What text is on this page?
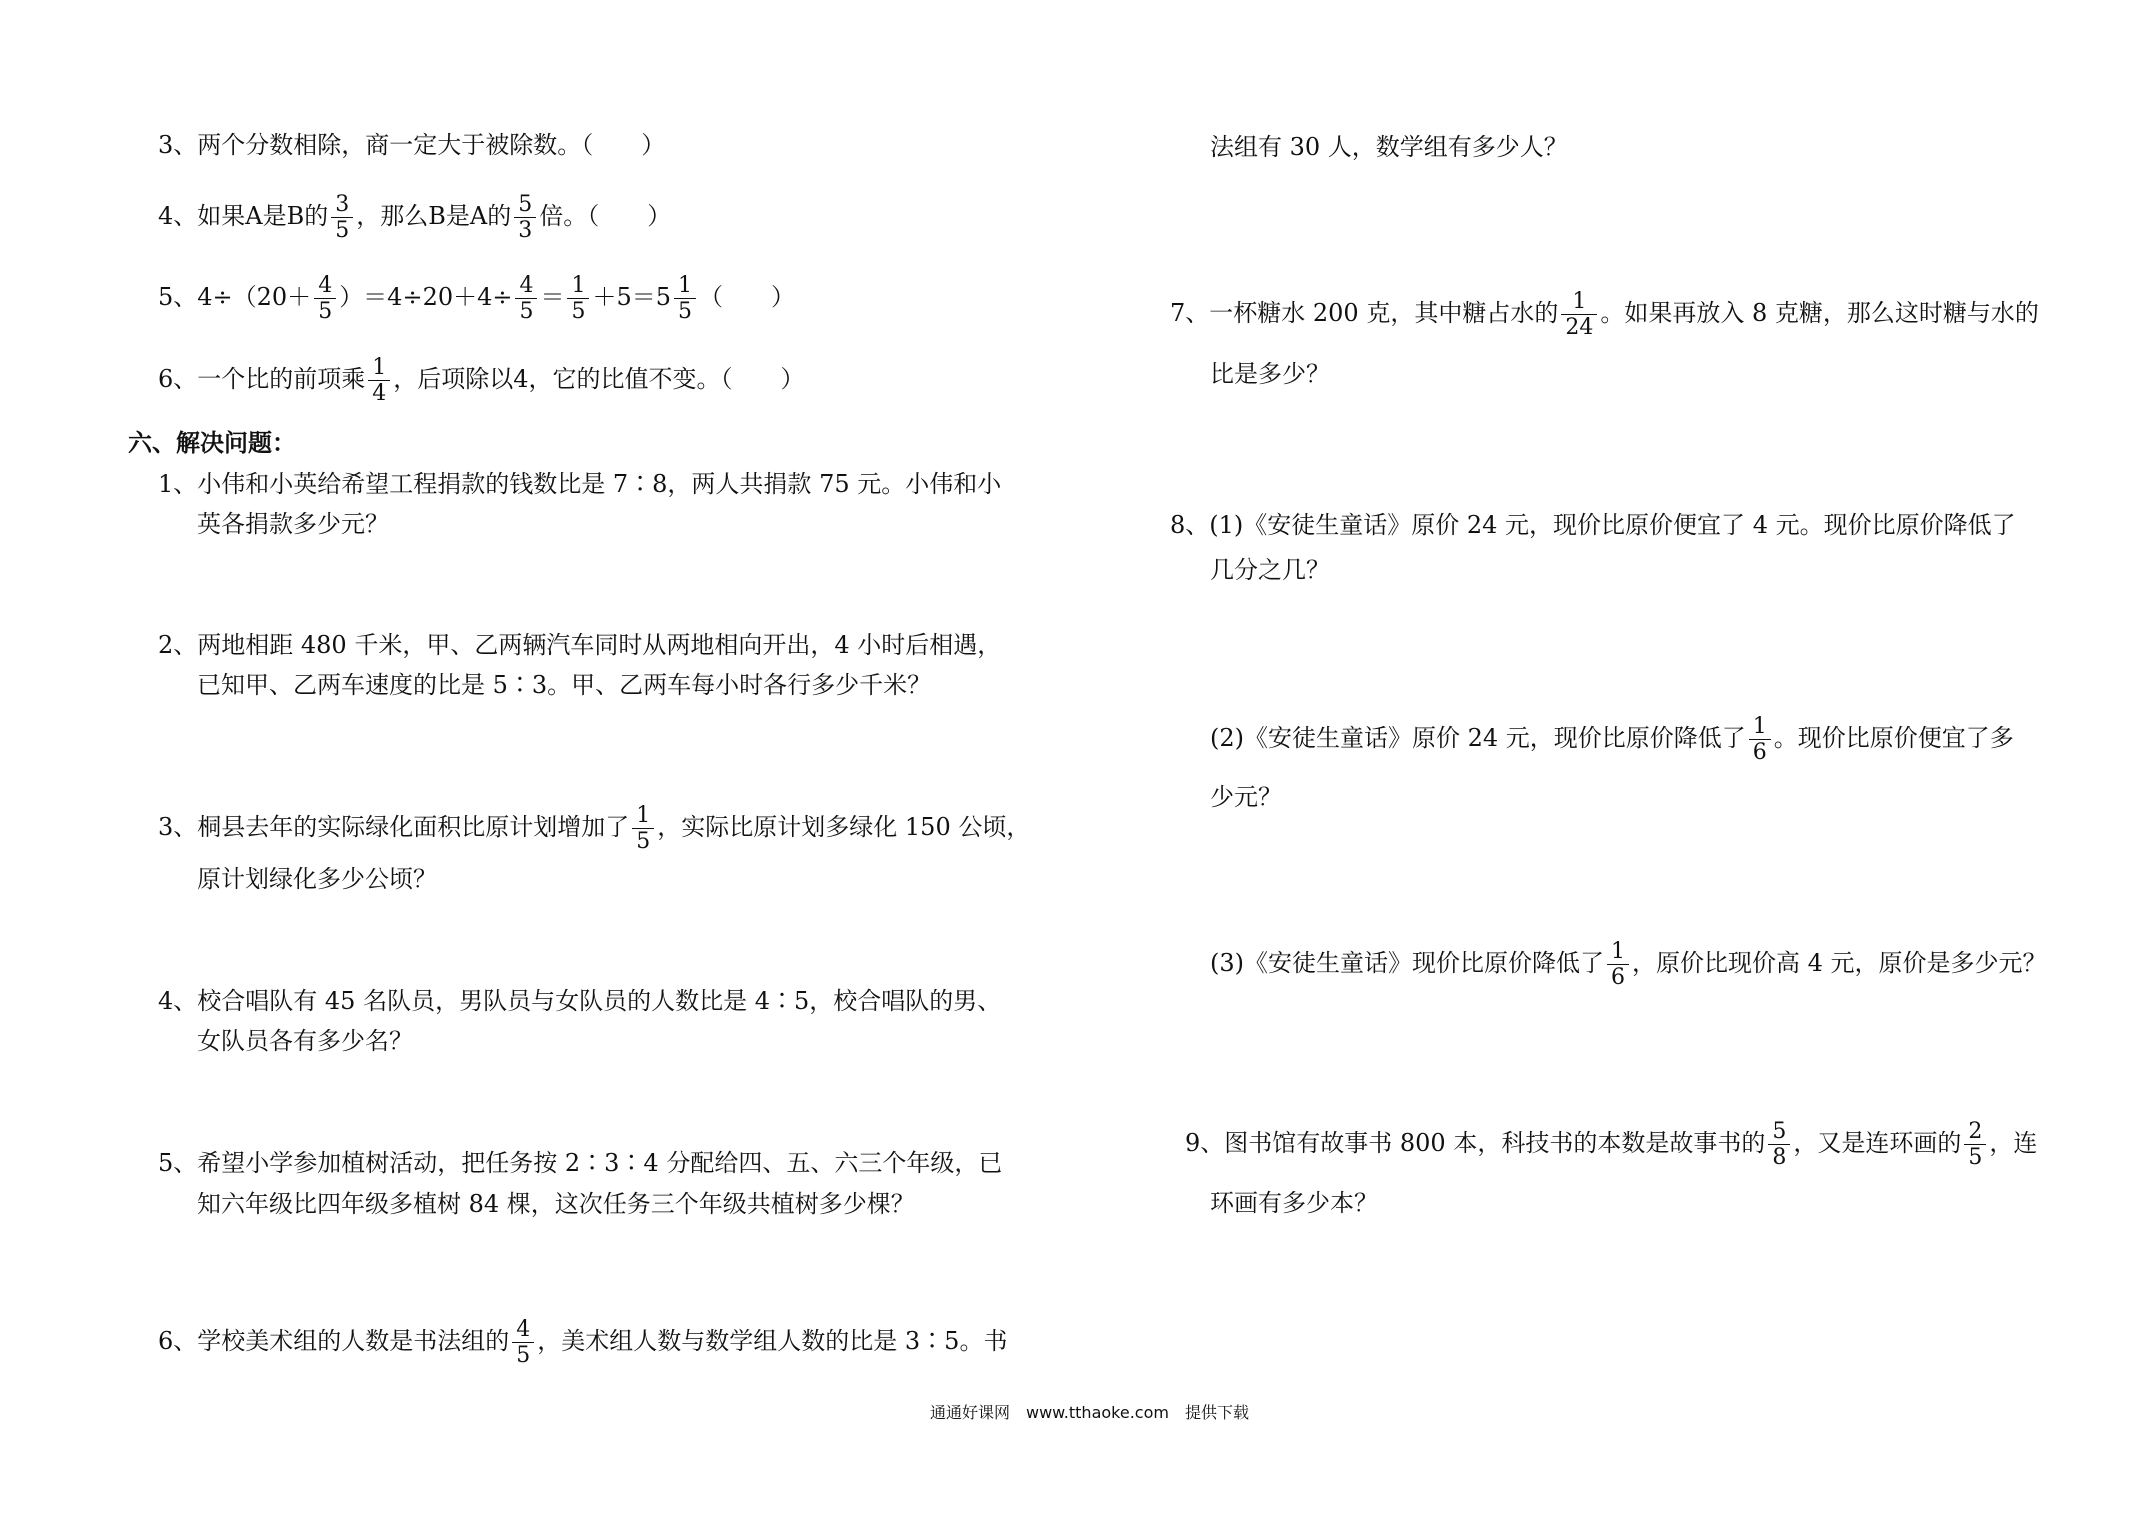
3、两个分数相除，商一定大于被除数。（　　）
4、如果A是B的 $\frac{3}{5}$ ，那么B是A的 $\frac{5}{3}$ 倍。（　　）
5、$4\div(20+ \frac{4}{5} )=4\div 20+4\div \frac{4}{5} = \frac{1}{5} +5=5 \frac{1}{5}$ （　　）
6、一个比的前项乘 $\frac{1}{4}$ ，后项除以4，它的比值不变。（　　）
六、解决问题：
1、小伟和小英给希望工程捐款的钱数比是 7∶8，两人共捐款 75 元。小伟和小
英各捐款多少元？
2、两地相距 480 千米，甲、乙两辆汽车同时从两地相向开出，4 小时后相遇，
已知甲、乙两车速度的比是 5∶3。甲、乙两车每小时各行多少千米？
3、桐县去年的实际绿化面积比原计划增加了 $\frac{1}{5}$ ，实际比原计划多绿化 150 公顷，
原计划绿化多少公顷？
4、校合唱队有 45 名队员，男队员与女队员的人数比是 4∶5，校合唱队的男、
女队员各有多少名？
5、希望小学参加植树活动，把任务按 2∶3∶4 分配给四、五、六三个年级，已
知六年级比四年级多植树 84 棵，这次任务三个年级共植树多少棵？
6、学校美术组的人数是书法组的 $\frac{4}{5}$ ，美术组人数与数学组人数的比是 3∶5。书
法组有 30 人，数学组有多少人？
7、一杯糖水 200 克，其中糖占水的 $\frac{1}{24}$ 。如果再放入 8 克糖，那么这时糖与水的
比是多少？
8、(1)《安徒生童话》原价 24 元，现价比原价便宜了 4 元。现价比原价降低了
几分之几？
(2)《安徒生童话》原价 24 元，现价比原价降低了 $\frac{1}{6}$ 。现价比原价便宜了多
少元？
(3)《安徒生童话》现价比原价降低了 $\frac{1}{6}$ ，原价比现价高 4 元，原价是多少元？
9、图书馆有故事书 800 本，科技书的本数是故事书的 $\frac{5}{8}$ ，又是连环画的 $\frac{2}{5}$ ，连
环画有多少本？
通通好课网　www.tthaoke.com　提供下载
